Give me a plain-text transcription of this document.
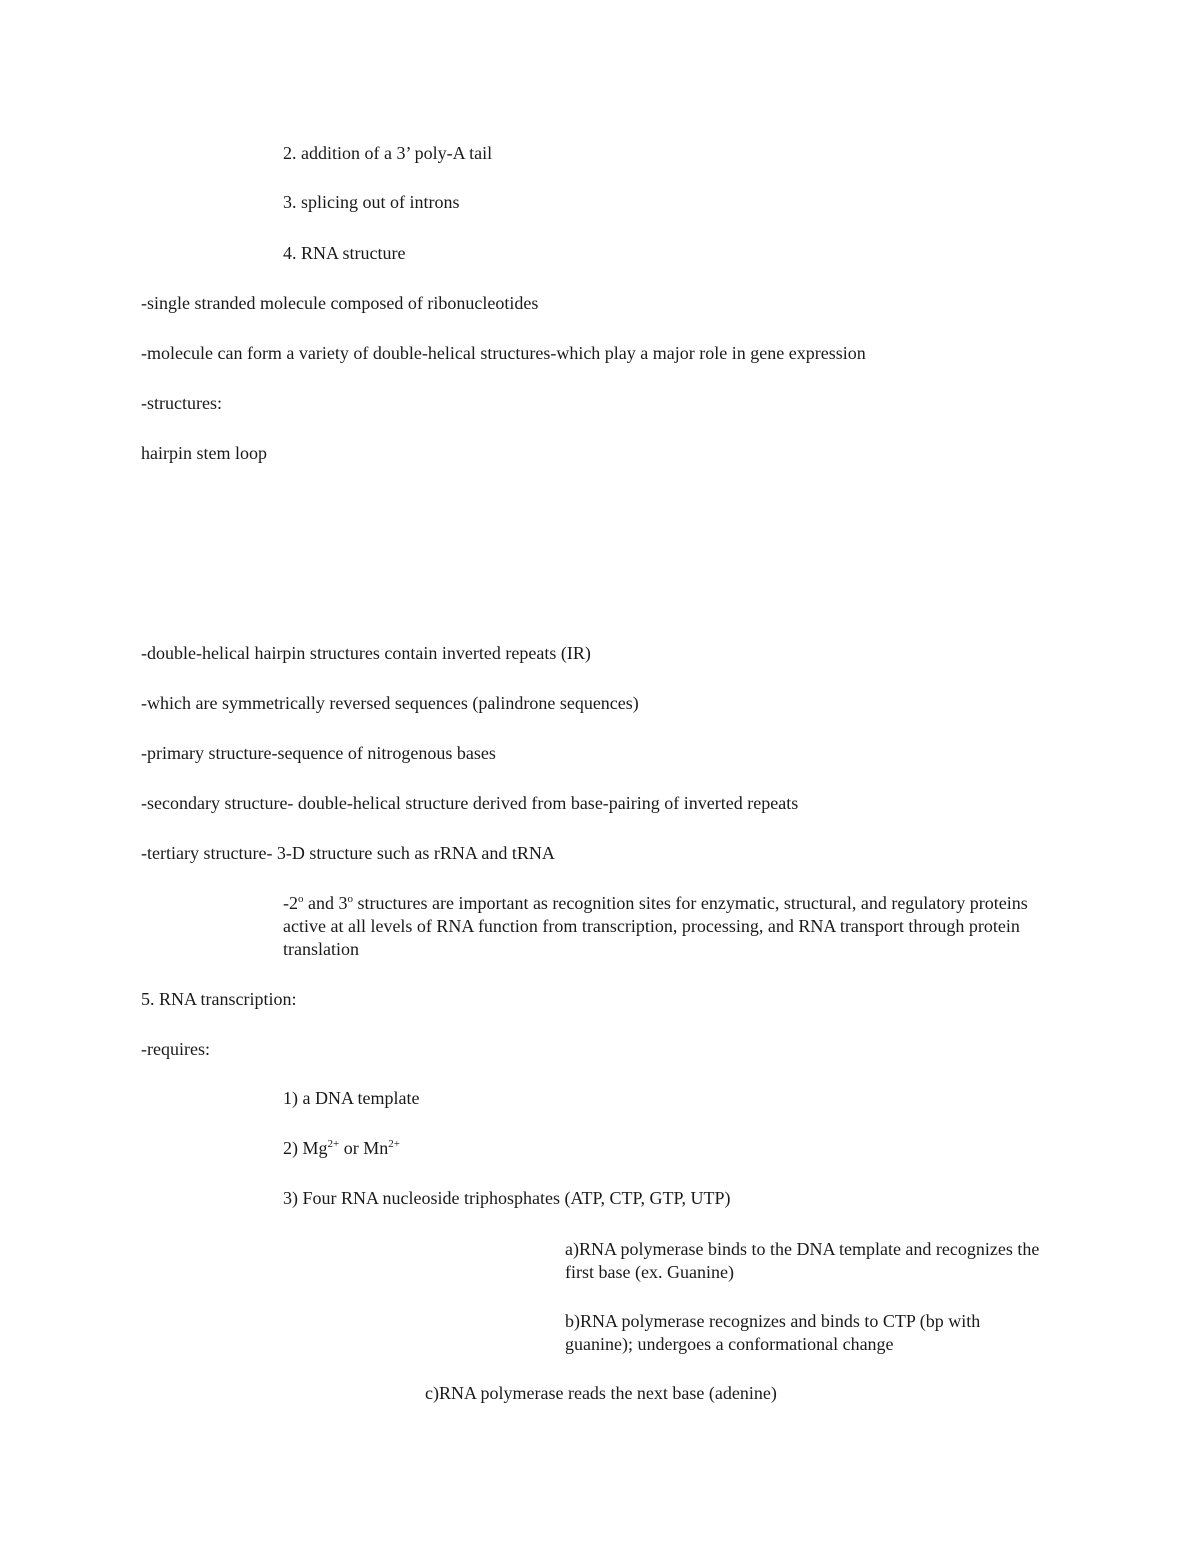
2. addition of a 3’ poly-A tail

3. splicing out of introns

4. RNA structure

-single stranded molecule composed of ribonucleotides

-molecule can form a variety of double-helical structures-which play a major role in gene expression

-structures:

hairpin stem loop

-double-helical hairpin structures contain inverted repeats (IR)

-which are symmetrically reversed sequences (palindrone sequences)

-primary structure-sequence of nitrogenous bases

-secondary structure- double-helical structure derived from base-pairing of inverted repeats

-tertiary structure- 3-D structure such as rRNA and tRNA

-2$^o$ and 3$^o$ structures are important as recognition sites for enzymatic, structural, and regulatory proteins active at all levels of RNA function from transcription, processing, and RNA transport through protein translation

5. RNA transcription:

-requires:

1) a DNA template

2) $Mg^{2+}$ or $Mn^{2+}$

3) Four RNA nucleoside triphosphates (ATP, CTP, GTP, UTP)

a)RNA polymerase binds to the DNA template and recognizes the first base (ex. Guanine)

b)RNA polymerase recognizes and binds to CTP (bp with guanine); undergoes a conformational change

c)RNA polymerase reads the next base (adenine)
